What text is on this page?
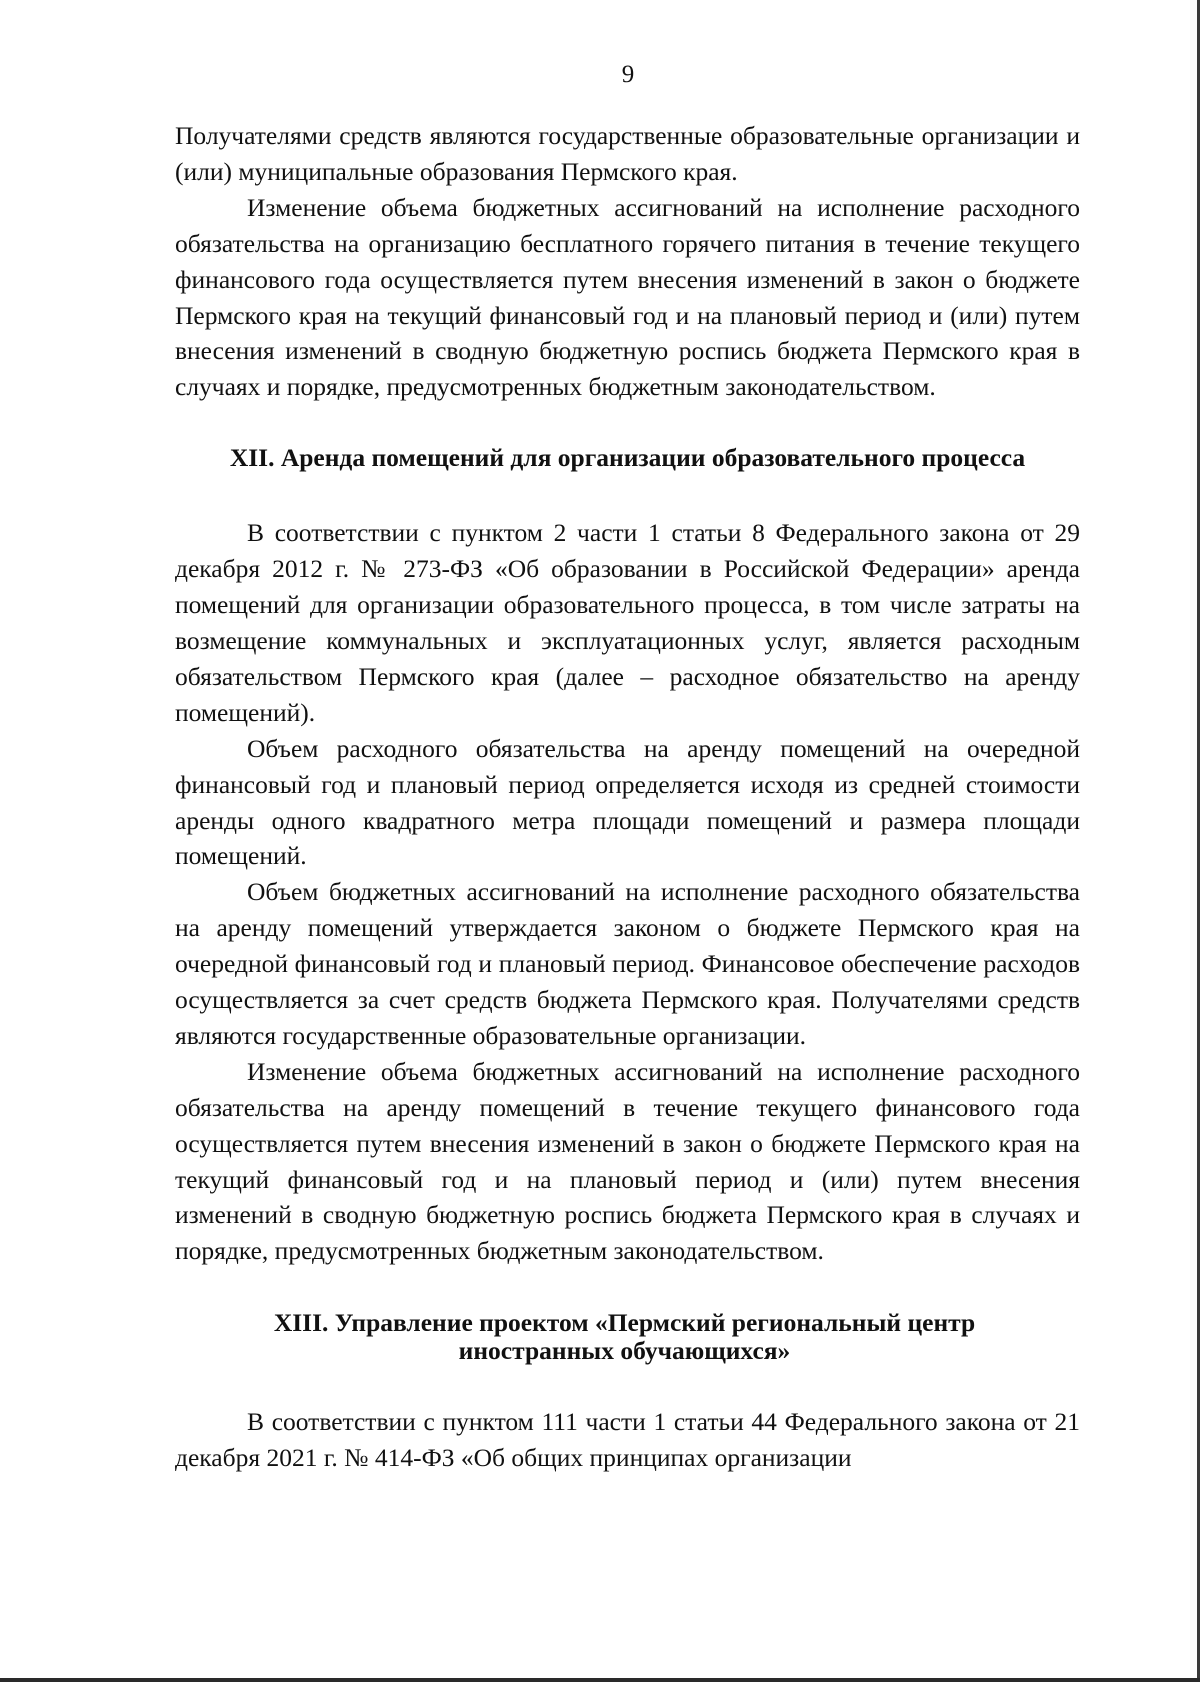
9

Получателями средств являются государственные образовательные организации и (или) муниципальные образования Пермского края.

Изменение объема бюджетных ассигнований на исполнение расходного обязательства на организацию бесплатного горячего питания в течение текущего финансового года осуществляется путем внесения изменений в закон о бюджете Пермского края на текущий финансовый год и на плановый период и (или) путем внесения изменений в сводную бюджетную роспись бюджета Пермского края в случаях и порядке, предусмотренных бюджетным законодательством.

XII. Аренда помещений для организации образовательного процесса

В соответствии с пунктом 2 части 1 статьи 8 Федерального закона от 29 декабря 2012 г. № 273-ФЗ «Об образовании в Российской Федерации» аренда помещений для организации образовательного процесса, в том числе затраты на возмещение коммунальных и эксплуатационных услуг, является расходным обязательством Пермского края (далее – расходное обязательство на аренду помещений).

Объем расходного обязательства на аренду помещений на очередной финансовый год и плановый период определяется исходя из средней стоимости аренды одного квадратного метра площади помещений и размера площади помещений.

Объем бюджетных ассигнований на исполнение расходного обязательства на аренду помещений утверждается законом о бюджете Пермского края на очередной финансовый год и плановый период. Финансовое обеспечение расходов осуществляется за счет средств бюджета Пермского края. Получателями средств являются государственные образовательные организации.

Изменение объема бюджетных ассигнований на исполнение расходного обязательства на аренду помещений в течение текущего финансового года осуществляется путем внесения изменений в закон о бюджете Пермского края на текущий финансовый год и на плановый период и (или) путем внесения изменений в сводную бюджетную роспись бюджета Пермского края в случаях и порядке, предусмотренных бюджетным законодательством.

XIII. Управление проектом «Пермский региональный центр
иностранных обучающихся»

В соответствии с пунктом 111 части 1 статьи 44 Федерального закона от 21 декабря 2021 г. № 414-ФЗ «Об общих принципах организации
